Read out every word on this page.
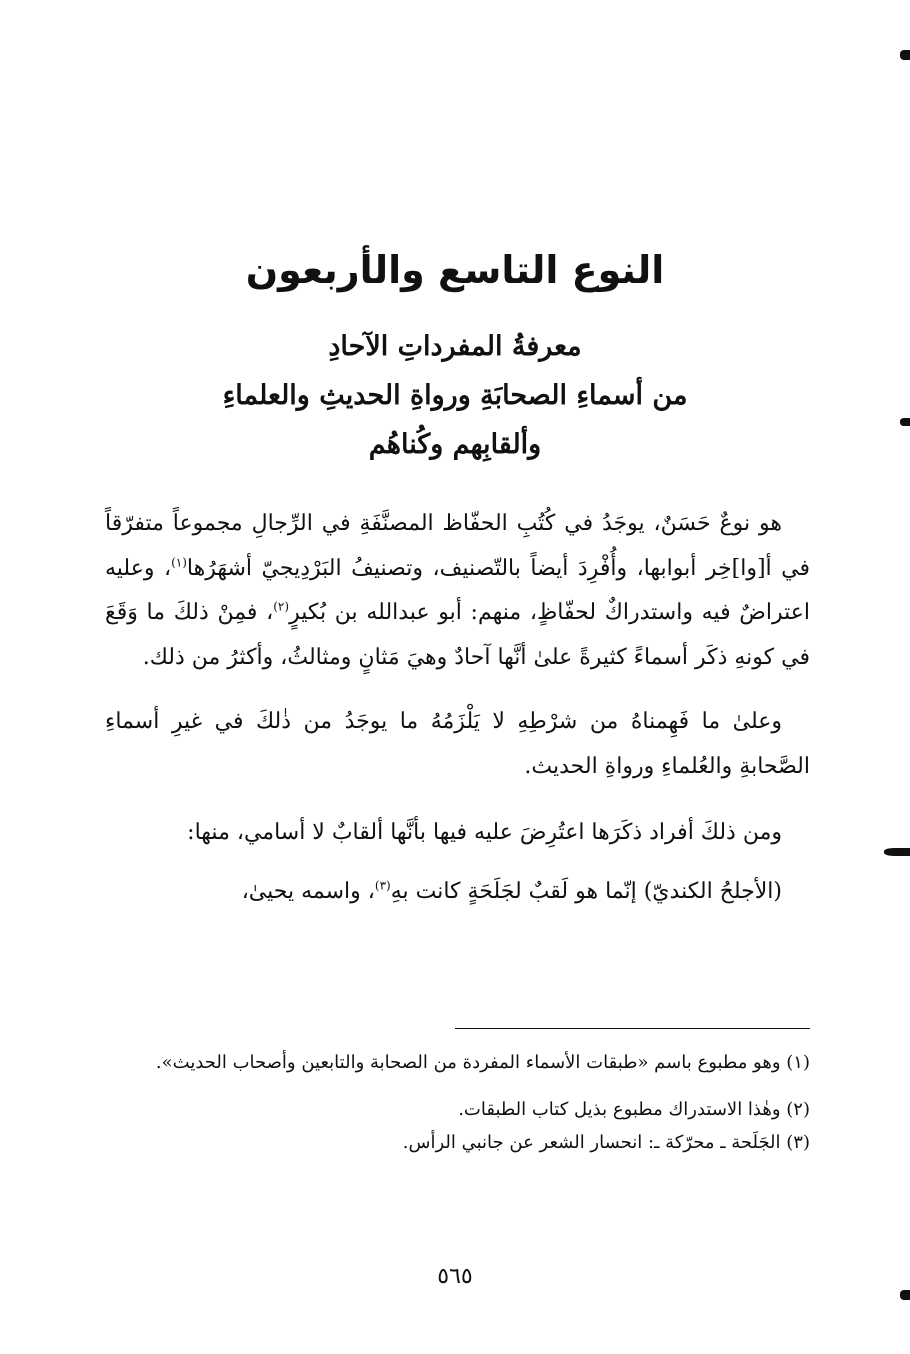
النوع التاسع والأربعون
معرفةُ المفرداتِ الآحادِ
من أسماءِ الصحابَةِ ورواةِ الحديثِ والعلماءِ
وألقابِهم وكُناهُم

هو نوعٌ حَسَنٌ، يوجَدُ في كُتُبِ الحفّاظ المصنَّفَةِ في الرِّجالِ مجموعاً متفرّقاً في أ[وا]خِر أبوابها، وأُفْرِدَ أيضاً بالتّصنيف، وتصنيفُ البَرْدِيجيّ أشهَرُها$^{(١)}$، وعليه اعتراضٌ فيه واستدراكٌ لحفّاظٍ، منهم: أبو عبدالله بن بُكيرٍ$^{(٢)}$، فمِنْ ذلكَ ما وَقَعَ في كونهِ ذكَر أسماءً كثيرةً علىٰ أنَّها آحادٌ وهيَ مَثانٍ ومثالثُ، وأكثرُ من ذلك.

وعلىٰ ما فَهِمناهُ من شرْطِهِ لا يَلْزَمُهُ ما يوجَدُ من ذٰلكَ في غيرِ أسماءِ الصَّحابةِ والعُلماءِ ورواةِ الحديث.

ومن ذلكَ أفراد ذكَرَها اعتُرِضَ عليه فيها بأنَّها ألقابٌ لا أسامي، منها:

(الأجلحُ الكنديّ) إنّما هو لَقبٌ لجَلَحَةٍ كانت بهِ$^{(٣)}$، واسمه يحيىٰ،

(١) وهو مطبوع باسم «طبقات الأسماء المفردة من الصحابة والتابعين وأصحاب الحديث».
(٢) وهٰذا الاستدراك مطبوع بذيل كتاب الطبقات.
(٣) الجَلَحة ـ محرّكة ـ: انحسار الشعر عن جانبي الرأس.
٥٦٥
